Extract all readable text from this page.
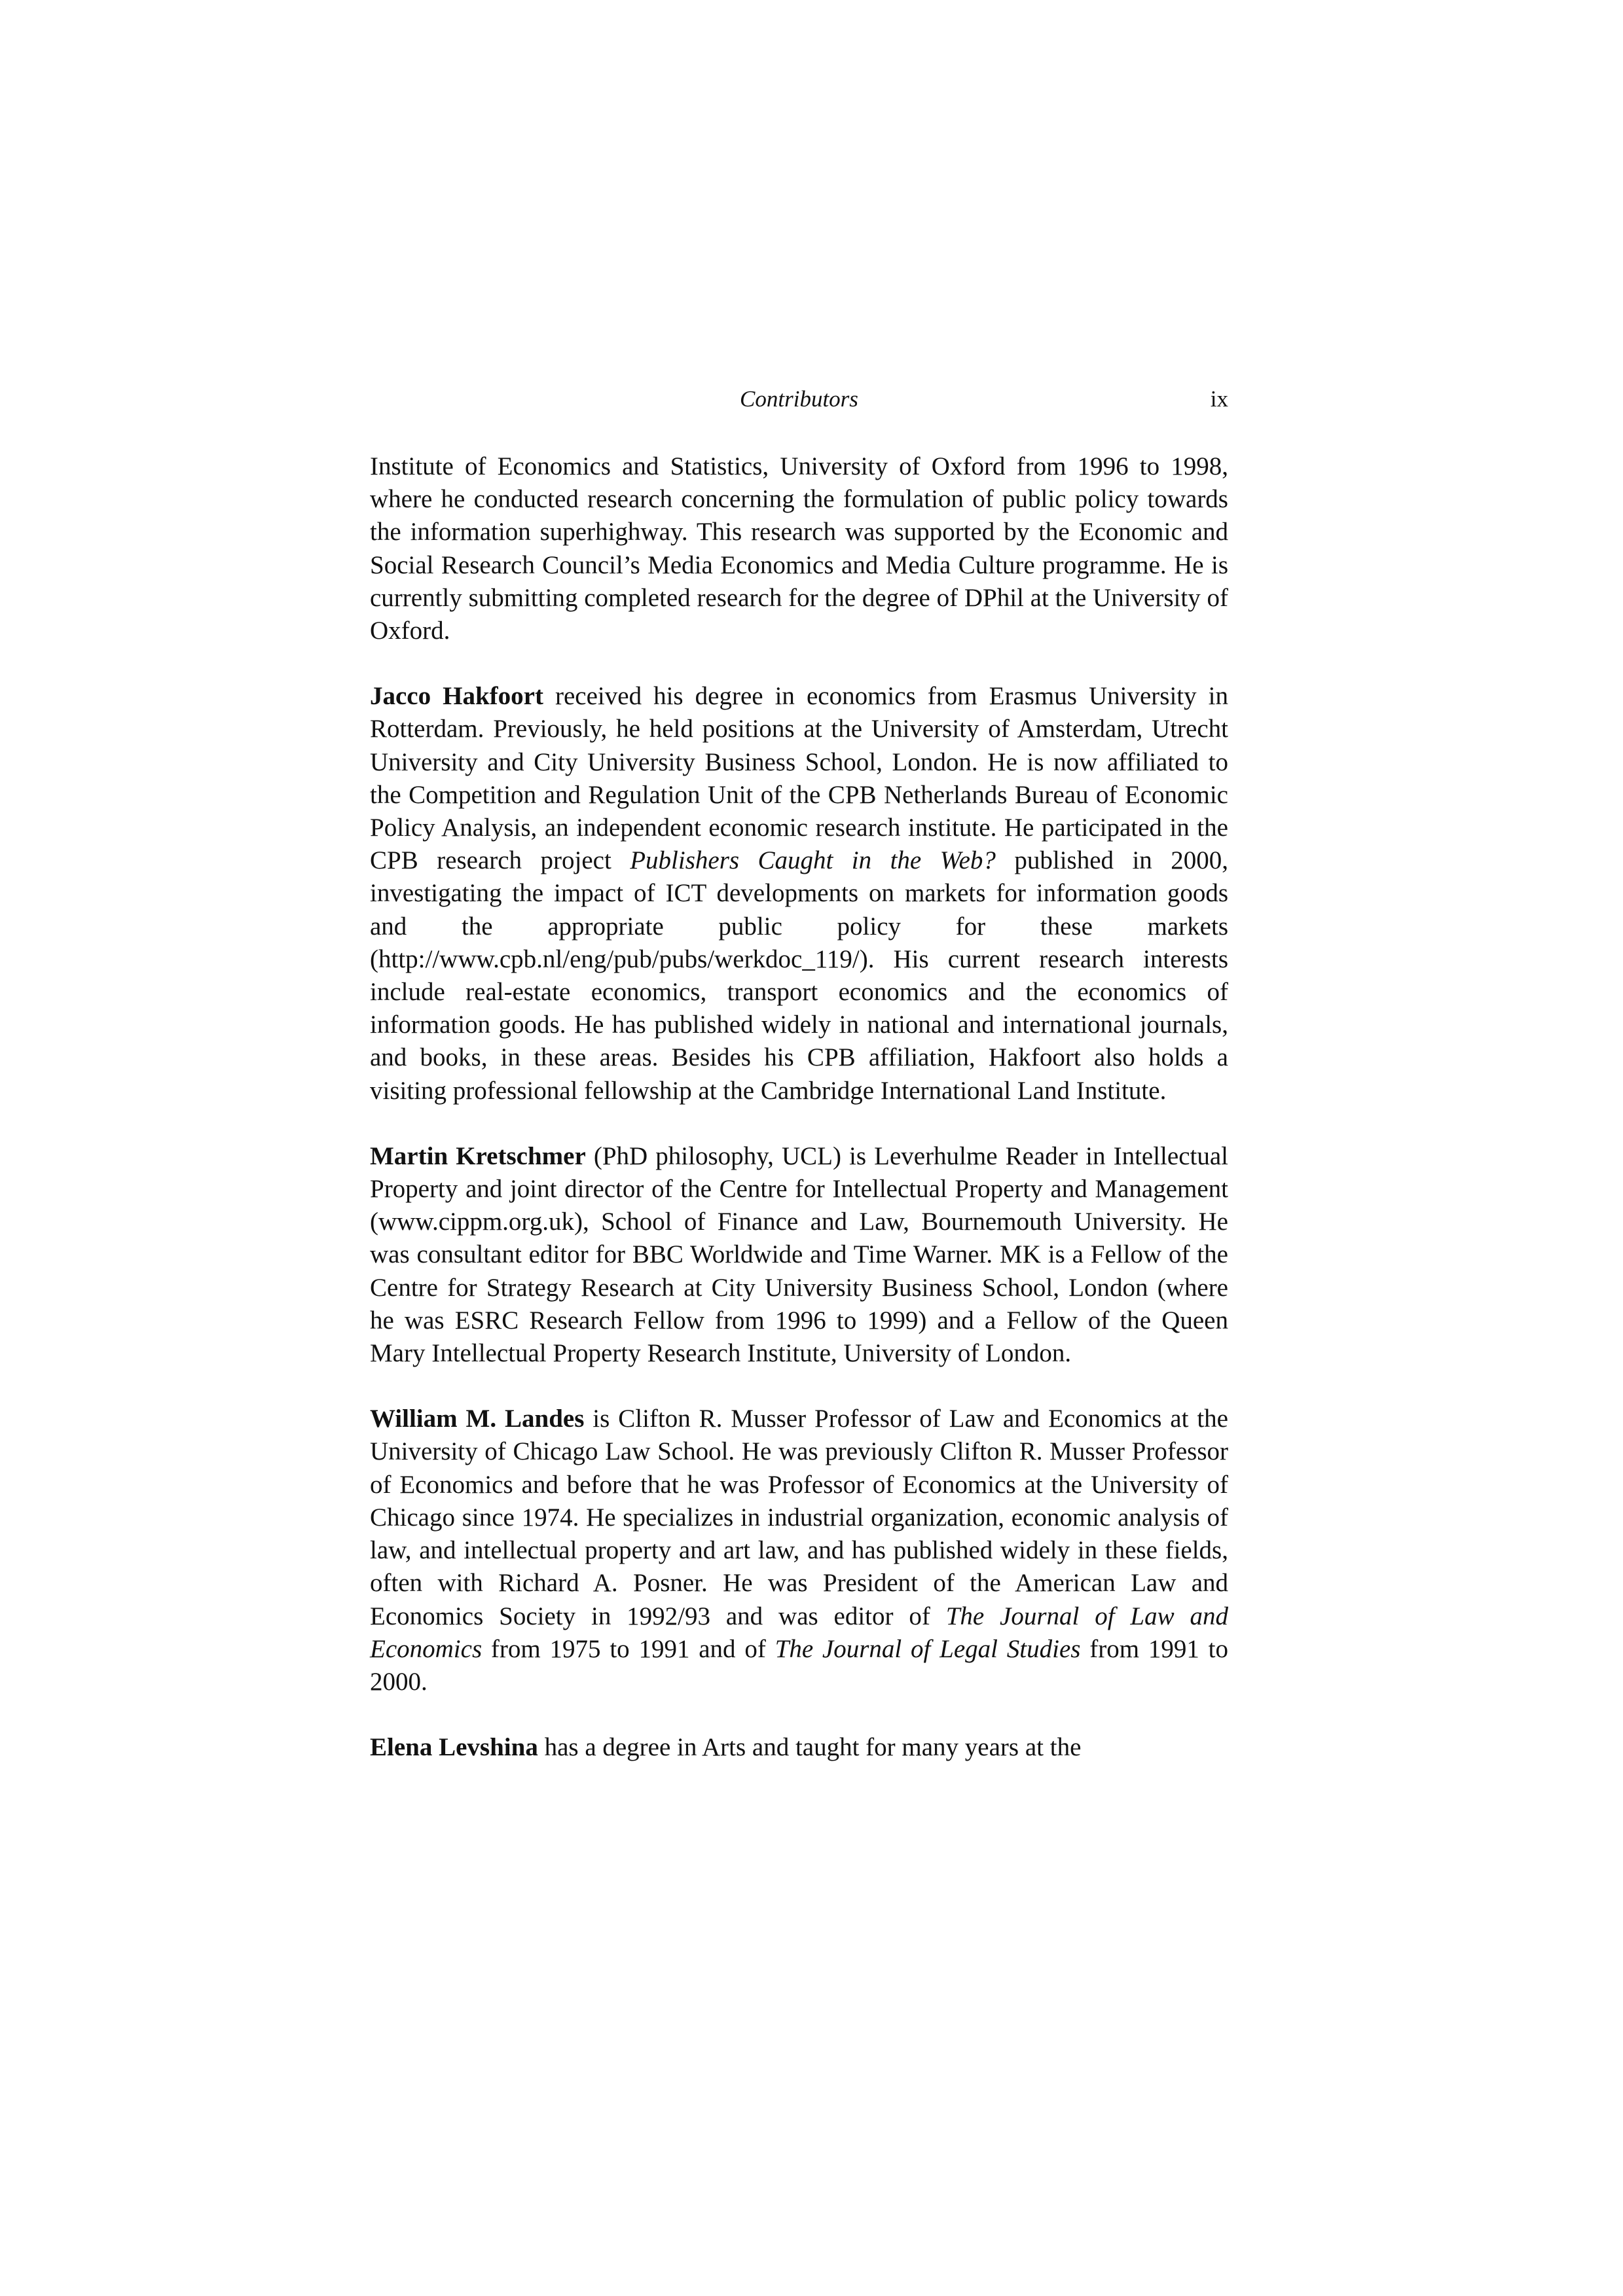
Contributors	ix

Institute of Economics and Statistics, University of Oxford from 1996 to 1998, where he conducted research concerning the formulation of public policy towards the information superhighway. This research was supported by the Economic and Social Research Council’s Media Economics and Media Culture programme. He is currently submitting completed research for the degree of DPhil at the University of Oxford.

Jacco Hakfoort received his degree in economics from Erasmus University in Rotterdam. Previously, he held positions at the University of Amsterdam, Utrecht University and City University Business School, London. He is now affiliated to the Competition and Regulation Unit of the CPB Netherlands Bureau of Economic Policy Analysis, an independent economic research institute. He participated in the CPB research project Publishers Caught in the Web? published in 2000, investigating the impact of ICT developments on markets for information goods and the appropriate public policy for these markets (http://www.cpb.nl/eng/pub/pubs/werkdoc_119/). His current research interests include real-estate economics, transport economics and the economics of information goods. He has published widely in national and international journals, and books, in these areas. Besides his CPB affiliation, Hakfoort also holds a visiting professional fellowship at the Cambridge International Land Institute.

Martin Kretschmer (PhD philosophy, UCL) is Leverhulme Reader in Intellectual Property and joint director of the Centre for Intellectual Property and Management (www.cippm.org.uk), School of Finance and Law, Bournemouth University. He was consultant editor for BBC Worldwide and Time Warner. MK is a Fellow of the Centre for Strategy Research at City University Business School, London (where he was ESRC Research Fellow from 1996 to 1999) and a Fellow of the Queen Mary Intellectual Property Research Institute, University of London.

William M. Landes is Clifton R. Musser Professor of Law and Economics at the University of Chicago Law School. He was previously Clifton R. Musser Professor of Economics and before that he was Professor of Economics at the University of Chicago since 1974. He specializes in industrial organization, economic analysis of law, and intellectual property and art law, and has published widely in these fields, often with Richard A. Posner. He was President of the American Law and Economics Society in 1992/93 and was editor of The Journal of Law and Economics from 1975 to 1991 and of The Journal of Legal Studies from 1991 to 2000.

Elena Levshina has a degree in Arts and taught for many years at the
